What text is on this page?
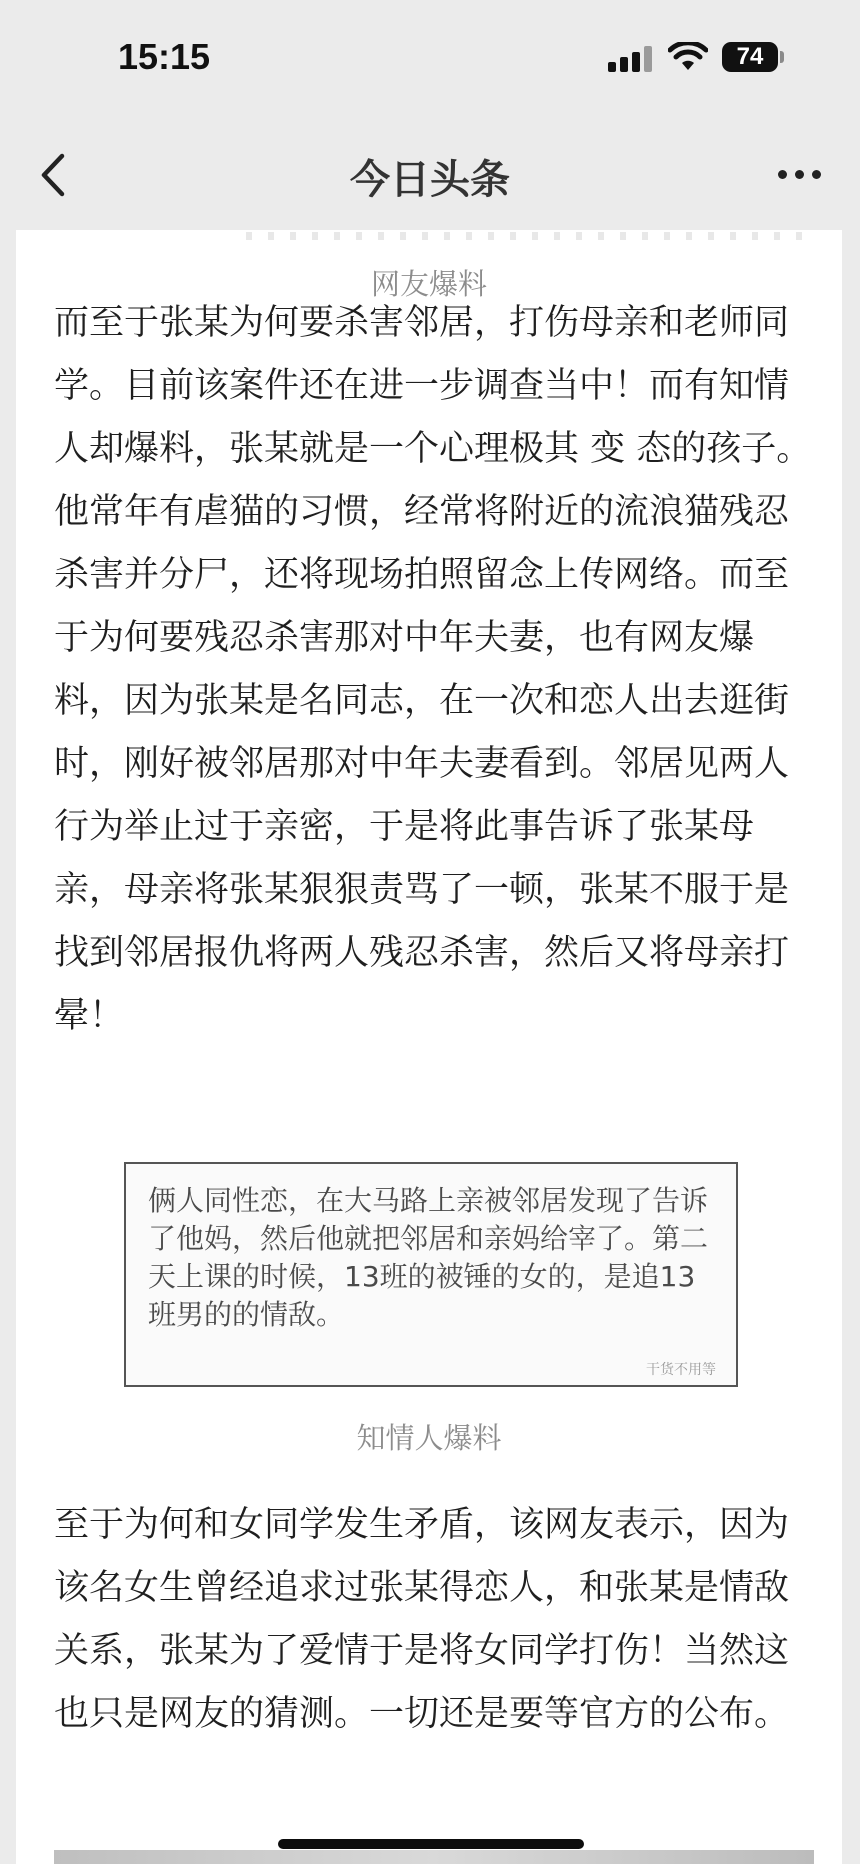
15:15	74
今日头条
网友爆料

而至于张某为何要杀害邻居，打伤母亲和老师同学。目前该案件还在进一步调查当中！而有知情人却爆料，张某就是一个心理极其 变 态的孩子。他常年有虐猫的习惯，经常将附近的流浪猫残忍杀害并分尸，还将现场拍照留念上传网络。而至于为何要残忍杀害那对中年夫妻，也有网友爆料，因为张某是名同志，在一次和恋人出去逛街时，刚好被邻居那对中年夫妻看到。邻居见两人行为举止过于亲密，于是将此事告诉了张某母亲，母亲将张某狠狠责骂了一顿，张某不服于是找到邻居报仇将两人残忍杀害，然后又将母亲打晕！

俩人同性恋，在大马路上亲被邻居发现了告诉了他妈，然后他就把邻居和亲妈给宰了。第二天上课的时候，13班的被锤的女的，是追13班男的的情敌。

干货不用等
知情人爆料

至于为何和女同学发生矛盾，该网友表示，因为该名女生曾经追求过张某得恋人，和张某是情敌关系，张某为了爱情于是将女同学打伤！当然这也只是网友的猜测。一切还是要等官方的公布。
